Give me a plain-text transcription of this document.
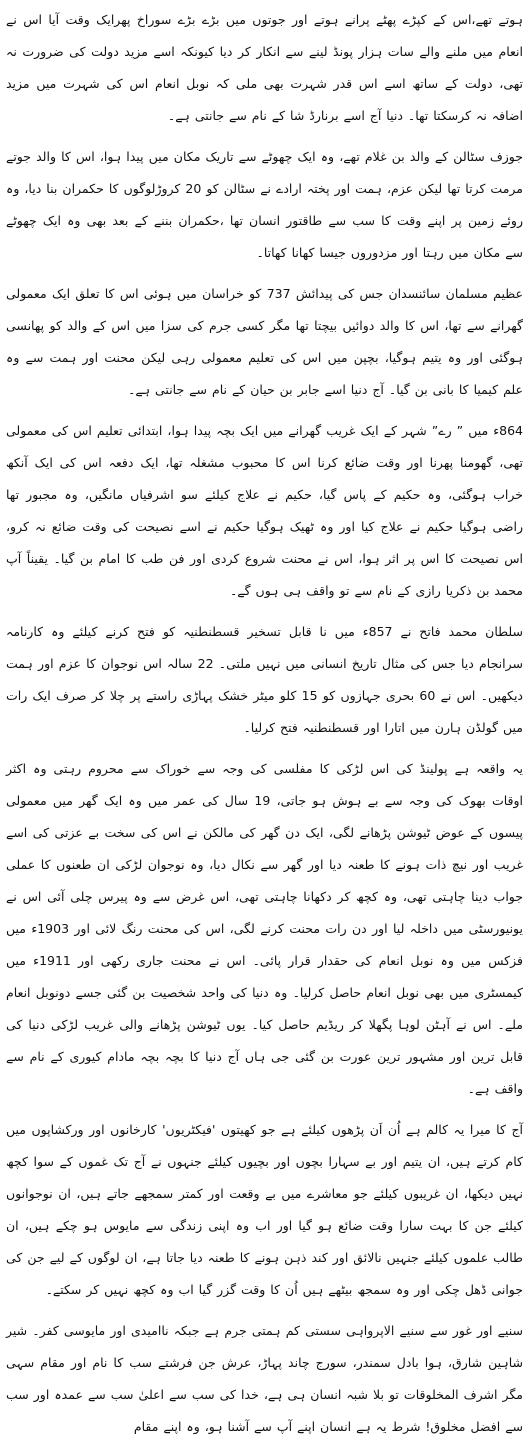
ہوتے تھے،اس کے کپڑے پھٹے پرانے ہوتے اور جوتوں میں بڑے بڑے سوراخ پھرایک وقت آیا اس نے انعام میں ملنے والے سات ہزار پونڈ لینے سے انکار کر دیا کیونکہ اسے مزید دولت کی ضرورت نہ تھی، دولت کے ساتھ اسے اس قدر شہرت بھی ملی کہ نوبل انعام اس کی شہرت میں مزید اضافہ نہ کرسکتا تھا۔ دنیا آج اسے برنارڈ شا کے نام سے جانتی ہے۔

جوزف سٹالن کے والد بن غلام تھے، وہ ایک چھوٹے سے تاریک مکان میں پیدا ہوا، اس کا والد جوتے مرمت کرتا تھا لیکن عزم، ہمت اور پختہ ارادے نے سٹالن کو 20 کروڑلوگوں کا حکمران بنا دیا، وہ روئے زمین پر اپنے وقت کا سب سے طاقتور انسان تھا ،حکمران بننے کے بعد بھی وہ ایک چھوٹے سے مکان میں رہتا اور مزدوروں جیسا کھانا کھاتا۔

عظیم مسلمان سائنسدان جس کی پیدائش 737 کو خراسان میں ہوئی اس کا تعلق ایک معمولی گھرانے سے تھا، اس کا والد دوائیں بیچتا تھا مگر کسی جرم کی سزا میں اس کے والد کو پھانسی ہوگئی اور وہ یتیم ہوگیا، بچپن میں اس کی تعلیم معمولی رہی لیکن محنت اور ہمت سے وہ علم کیمیا کا بانی بن گیا۔ آج دنیا اسے جابر بن حیان کے نام سے جانتی ہے۔

864ء میں ” رے” شہر کے ایک غریب گھرانے میں ایک بچہ پیدا ہوا، ابتدائی تعلیم اس کی معمولی تھی، گھومنا پھرنا اور وقت ضائع کرنا اس کا محبوب مشغلہ تھا، ایک دفعہ اس کی ایک آنکھ خراب ہوگئی، وہ حکیم کے پاس گیا، حکیم نے علاج کیلئے سو اشرفیاں مانگیں، وہ مجبور تھا راضی ہوگیا حکیم نے علاج کیا اور وہ ٹھیک ہوگیا حکیم نے اسے نصیحت کی وقت ضائع نہ کرو، اس نصیحت کا اس پر اثر ہوا، اس نے محنت شروع کردی اور فن طب کا امام بن گیا۔ یقیناً آپ محمد بن ذکریا رازی کے نام سے تو واقف ہی ہوں گے۔

سلطان محمد فاتح نے 857ء میں نا قابل تسخیر قسطنطنیہ کو فتح کرنے کیلئے وہ کارنامہ سرانجام دیا جس کی مثال تاریخ انسانی میں نہیں ملتی۔ 22 سالہ اس نوجوان کا عزم اور ہمت دیکھیں۔ اس نے 60 بحری جہازوں کو 15 کلو میٹر خشک پہاڑی راستے پر چلا کر صرف ایک رات میں گولڈن ہارن میں اتارا اور قسطنطنیہ فتح کرلیا۔

یہ واقعہ ہے پولینڈ کی اس لڑکی کا مفلسی کی وجہ سے خوراک سے محروم رہتی وہ اکثر اوقات بھوک کی وجہ سے بے ہوش ہو جاتی، 19 سال کی عمر میں وہ ایک گھر میں معمولی پیسوں کے عوض ٹیوشن پڑھانے لگی، ایک دن گھر کی مالکن نے اس کی سخت بے عزتی کی اسے غریب اور نیچ ذات ہونے کا طعنہ دیا اور گھر سے نکال دیا، وہ نوجوان لڑکی ان طعنوں کا عملی جواب دینا چاہتی تھی، وہ کچھ کر دکھانا چاہتی تھی، اس غرض سے وہ پیرس چلی آئی اس نے یونیورسٹی میں داخلہ لیا اور دن رات محنت کرنے لگی، اس کی محنت رنگ لائی اور 1903ء میں فزکس میں وہ نوبل انعام کی حقدار قرار پائی۔ اس نے محنت جاری رکھی اور 1911ء میں کیمسٹری میں بھی نوبل انعام حاصل کرلیا۔ وہ دنیا کی واحد شخصیت بن گئی جسے دونوبل انعام ملے۔ اس نے آہٹن لوہا پگھلا کر ریڈیم حاصل کیا۔ یوں ٹیوشن پڑھانے والی غریب لڑکی دنیا کی قابل ترین اور مشہور ترین عورت بن گئی جی ہاں آج دنیا کا بچہ بچہ مادام کیوری کے نام سے واقف ہے۔

آج کا میرا یہ کالم ہے اُن اَن پڑھوں کیلئے ہے جو کھیتوں 'فیکٹریوں' کارخانوں اور ورکشاپوں میں کام کرتے ہیں، ان یتیم اور بے سہارا بچوں اور بچیوں کیلئے جنہوں نے آج تک غموں کے سوا کچھ نہیں دیکھا، ان غریبوں کیلئے جو معاشرے میں بے وقعت اور کمتر سمجھے جاتے ہیں، ان نوجوانوں کیلئے جن کا بہت سارا وقت ضائع ہو گیا اور اب وہ اپنی زندگی سے مایوس ہو چکے ہیں، ان طالب علموں کیلئے جنہیں نالائق اور کند ذہن ہونے کا طعنہ دیا جاتا ہے، ان لوگوں کے لیے جن کی جوانی ڈھل چکی اور وہ سمجھ بیٹھے ہیں اُن کا وقت گزر گیا اب وہ کچھ نہیں کر سکتے۔

سنیے اور غور سے سنیے الاپرواہی سستی کم ہمتی جرم ہے جبکہ ناامیدی اور مایوسی کفر۔ شیر شاہین شارق، ہوا بادل سمندر، سورج چاند پہاڑ، عرش جن فرشتے سب کا نام اور مقام سہی مگر اشرف المخلوقات تو بلا شبہ انسان ہی ہے، خدا کی سب سے اعلیٰ سب سے عمدہ اور سب سے افضل مخلوق! شرط یہ ہے انسان اپنے آپ سے آشنا ہو، وہ اپنے مقام
